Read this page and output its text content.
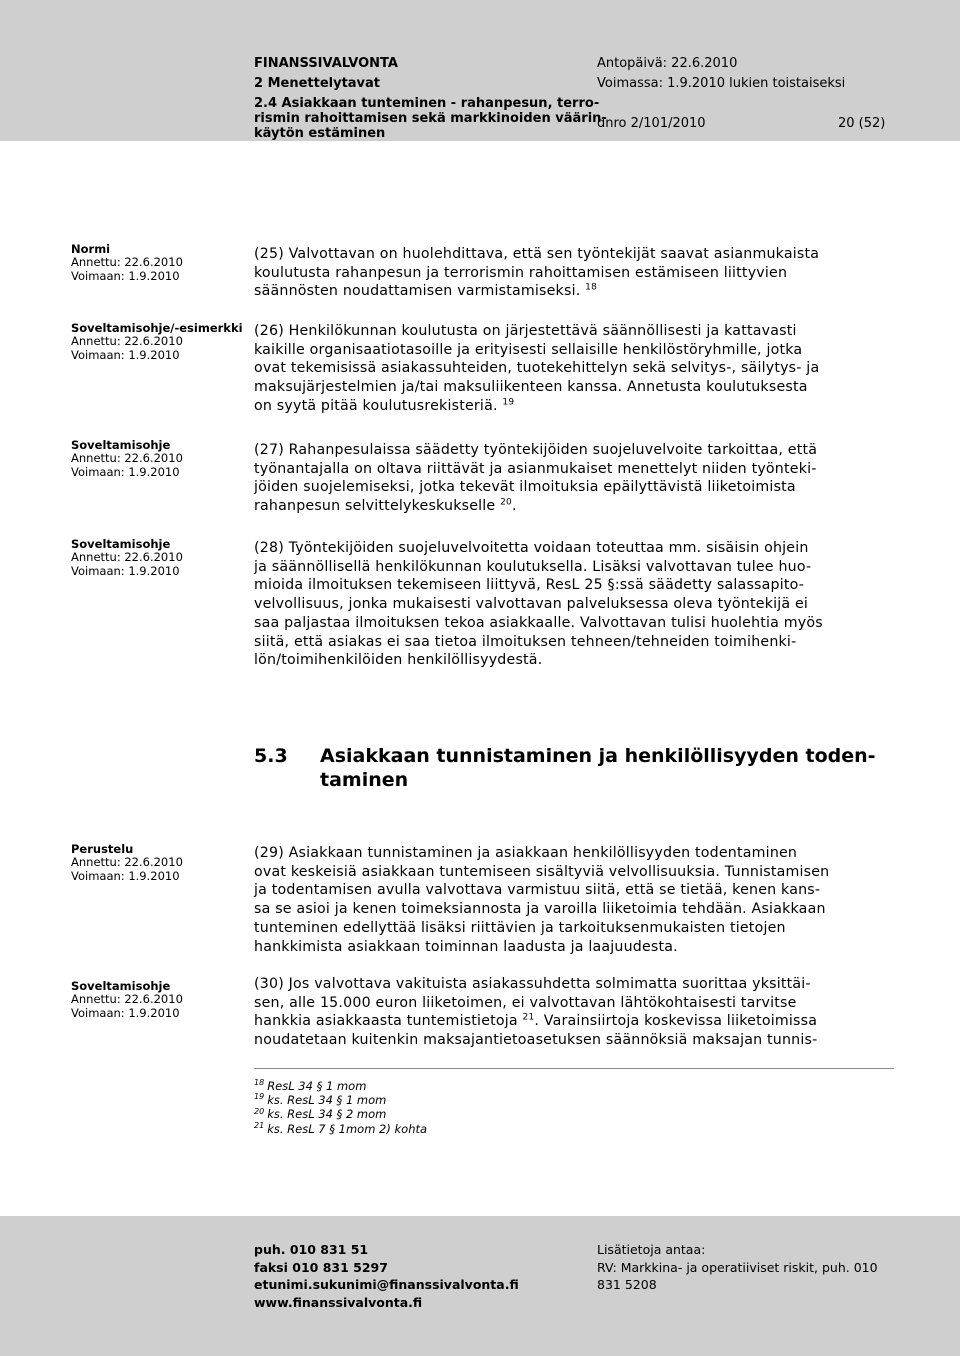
FINANSSIVALVONTA
2 Menettelytavat
2.4 Asiakkaan tunteminen - rahanpesun, terro-
rismin rahoittamisen sekä markkinoiden väärin-
käytön estäminen
Antopäivä: 22.6.2010
Voimassa: 1.9.2010 lukien toistaiseksi
dnro 2/101/2010	20 (52)
Normi
Annettu: 22.6.2010
Voimaan: 1.9.2010
Soveltamisohje/-esimerkki
Annettu: 22.6.2010
Voimaan: 1.9.2010
Soveltamisohje
Annettu: 22.6.2010
Voimaan: 1.9.2010
Soveltamisohje
Annettu: 22.6.2010
Voimaan: 1.9.2010
Perustelu
Annettu: 22.6.2010
Voimaan: 1.9.2010
Soveltamisohje
Annettu: 22.6.2010
Voimaan: 1.9.2010
(25) Valvottavan on huolehdittava, että sen työntekijät saavat asianmukaista
koulutusta rahanpesun ja terrorismin rahoittamisen estämiseen liittyvien
säännösten noudattamisen varmistamiseksi. $^{18}$
(26) Henkilökunnan koulutusta on järjestettävä säännöllisesti ja kattavasti
kaikille organisaatiotasoille ja erityisesti sellaisille henkilöstöryhmille, jotka
ovat tekemisissä asiakassuhteiden, tuotekehittelyn sekä selvitys-, säilytys- ja
maksujärjestelmien ja/tai maksuliikenteen kanssa. Annetusta koulutuksesta
on syytä pitää koulutusrekisteriä. $^{19}$
(27) Rahanpesulaissa säädetty työntekijöiden suojeluvelvoite tarkoittaa, että
työnantajalla on oltava riittävät ja asianmukaiset menettelyt niiden työnteki-
jöiden suojelemiseksi, jotka tekevät ilmoituksia epäilyttävistä liiketoimista
rahanpesun selvittelykeskukselle $^{20}$.
(28) Työntekijöiden suojeluvelvoitetta voidaan toteuttaa mm. sisäisin ohjein
ja säännöllisellä henkilökunnan koulutuksella. Lisäksi valvottavan tulee huo-
mioida ilmoituksen tekemiseen liittyvä, ResL 25 §:ssä säädetty salassapito-
velvollisuus, jonka mukaisesti valvottavan palveluksessa oleva työntekijä ei
saa paljastaa ilmoituksen tekoa asiakkaalle. Valvottavan tulisi huolehtia myös
siitä, että asiakas ei saa tietoa ilmoituksen tehneen/tehneiden toimihenki-
lön/toimihenkilöiden henkilöllisyydestä.
5.3 Asiakkaan tunnistaminen ja henkilöllisyyden toden-
taminen
(29) Asiakkaan tunnistaminen ja asiakkaan henkilöllisyyden todentaminen
ovat keskeisiä asiakkaan tuntemiseen sisältyviä velvollisuuksia. Tunnistamisen
ja todentamisen avulla valvottava varmistuu siitä, että se tietää, kenen kans-
sa se asioi ja kenen toimeksiannosta ja varoilla liiketoimia tehdään. Asiakkaan
tunteminen edellyttää lisäksi riittävien ja tarkoituksenmukaisten tietojen
hankkimista asiakkaan toiminnan laadusta ja laajuudesta.
(30) Jos valvottava vakituista asiakassuhdetta solmimatta suorittaa yksittäi-
sen, alle 15.000 euron liiketoimen, ei valvottavan lähtökohtaisesti tarvitse
hankkia asiakkaasta tuntemistietoja $^{21}$. Varainsiirtoja koskevissa liiketoimissa
noudatetaan kuitenkin maksajantietoasetuksen säännöksiä maksajan tunnis-
$^{18}$ ResL 34 § 1 mom
$^{19}$ ks. ResL 34 § 1 mom
$^{20}$ ks. ResL 34 § 2 mom
$^{21}$ ks. ResL 7 § 1mom 2) kohta
puh. 010 831 51
faksi 010 831 5297
etunimi.sukunimi@finanssivalvonta.fi
www.finanssivalvonta.fi
Lisätietoja antaa:
RV: Markkina- ja operatiiviset riskit, puh. 010
831 5208
